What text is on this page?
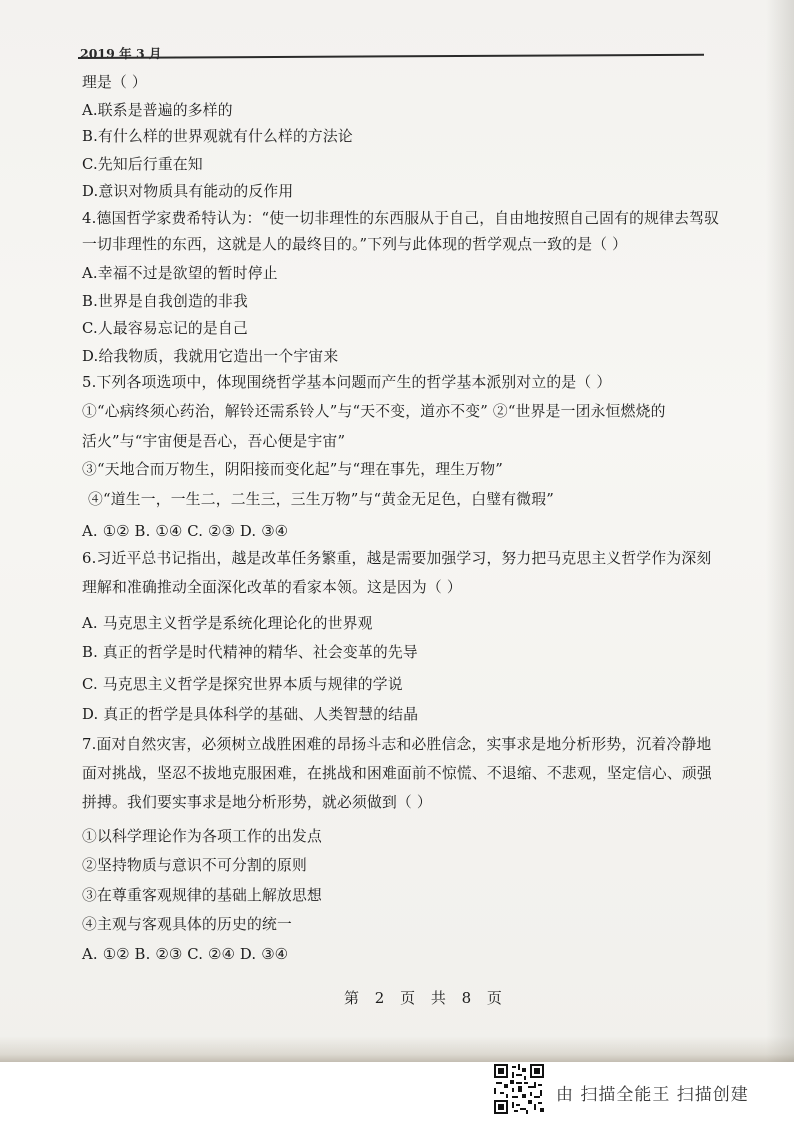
2019 年 3 月
理是（ ）
A.联系是普遍的多样的
B.有什么样的世界观就有什么样的方法论
C.先知后行重在知
D.意识对物质具有能动的反作用
4.德国哲学家费希特认为：“使一切非理性的东西服从于自己，自由地按照自己固有的规律去驾驭
一切非理性的东西，这就是人的最终目的。”下列与此体现的哲学观点一致的是（ ）
A.幸福不过是欲望的暂时停止
B.世界是自我创造的非我
C.人最容易忘记的是自己
D.给我物质，我就用它造出一个宇宙来
5.下列各项选项中，体现围绕哲学基本问题而产生的哲学基本派别对立的是（ ）
①“心病终须心药治，解铃还需系铃人”与“天不变，道亦不变” ②“世界是一团永恒燃烧的
活火”与“宇宙便是吾心，吾心便是宇宙”
③“天地合而万物生，阴阳接而变化起”与“理在事先，理生万物”
④“道生一，一生二，二生三，三生万物”与“黄金无足色，白璧有微瑕”
A. ①② B. ①④ C. ②③ D. ③④
6.习近平总书记指出，越是改革任务繁重，越是需要加强学习，努力把马克思主义哲学作为深刻
理解和准确推动全面深化改革的看家本领。这是因为（ ）
A. 马克思主义哲学是系统化理论化的世界观
B. 真正的哲学是时代精神的精华、社会变革的先导
C. 马克思主义哲学是探究世界本质与规律的学说
D. 真正的哲学是具体科学的基础、人类智慧的结晶
7.面对自然灾害，必须树立战胜困难的昂扬斗志和必胜信念，实事求是地分析形势，沉着冷静地
面对挑战，坚忍不拔地克服困难，在挑战和困难面前不惊慌、不退缩、不悲观，坚定信心、顽强
拼搏。我们要实事求是地分析形势，就必须做到（ ）
①以科学理论作为各项工作的出发点
②坚持物质与意识不可分割的原则
③在尊重客观规律的基础上解放思想
④主观与客观具体的历史的统一
A. ①② B. ②③ C. ②④ D. ③④
第 2 页 共 8 页
由 扫描全能王 扫描创建
